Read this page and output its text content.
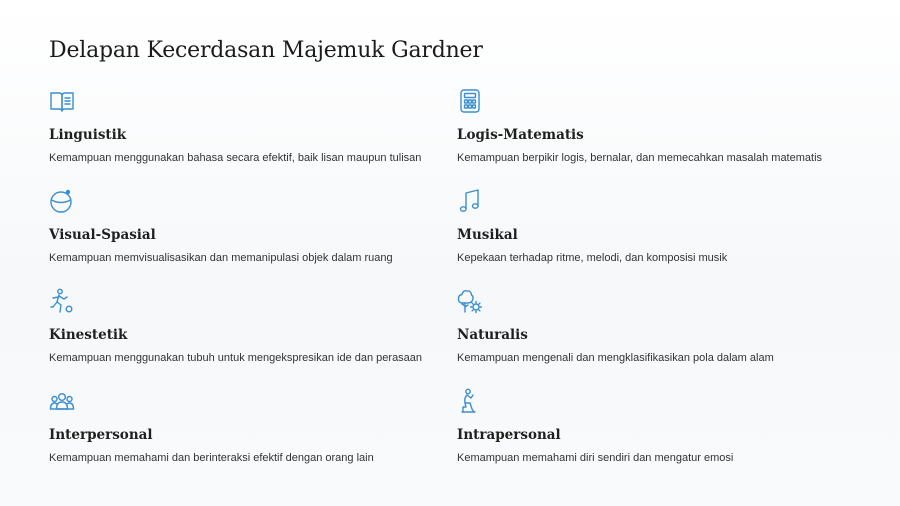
Delapan Kecerdasan Majemuk Gardner
Linguistik
Kemampuan menggunakan bahasa secara efektif, baik lisan maupun tulisan
Logis-Matematis
Kemampuan berpikir logis, bernalar, dan memecahkan masalah matematis
Visual-Spasial
Kemampuan memvisualisasikan dan memanipulasi objek dalam ruang
Musikal
Kepekaan terhadap ritme, melodi, dan komposisi musik
Kinestetik
Kemampuan menggunakan tubuh untuk mengekspresikan ide dan perasaan
Naturalis
Kemampuan mengenali dan mengklasifikasikan pola dalam alam
Interpersonal
Kemampuan memahami dan berinteraksi efektif dengan orang lain
Intrapersonal
Kemampuan memahami diri sendiri dan mengatur emosi
